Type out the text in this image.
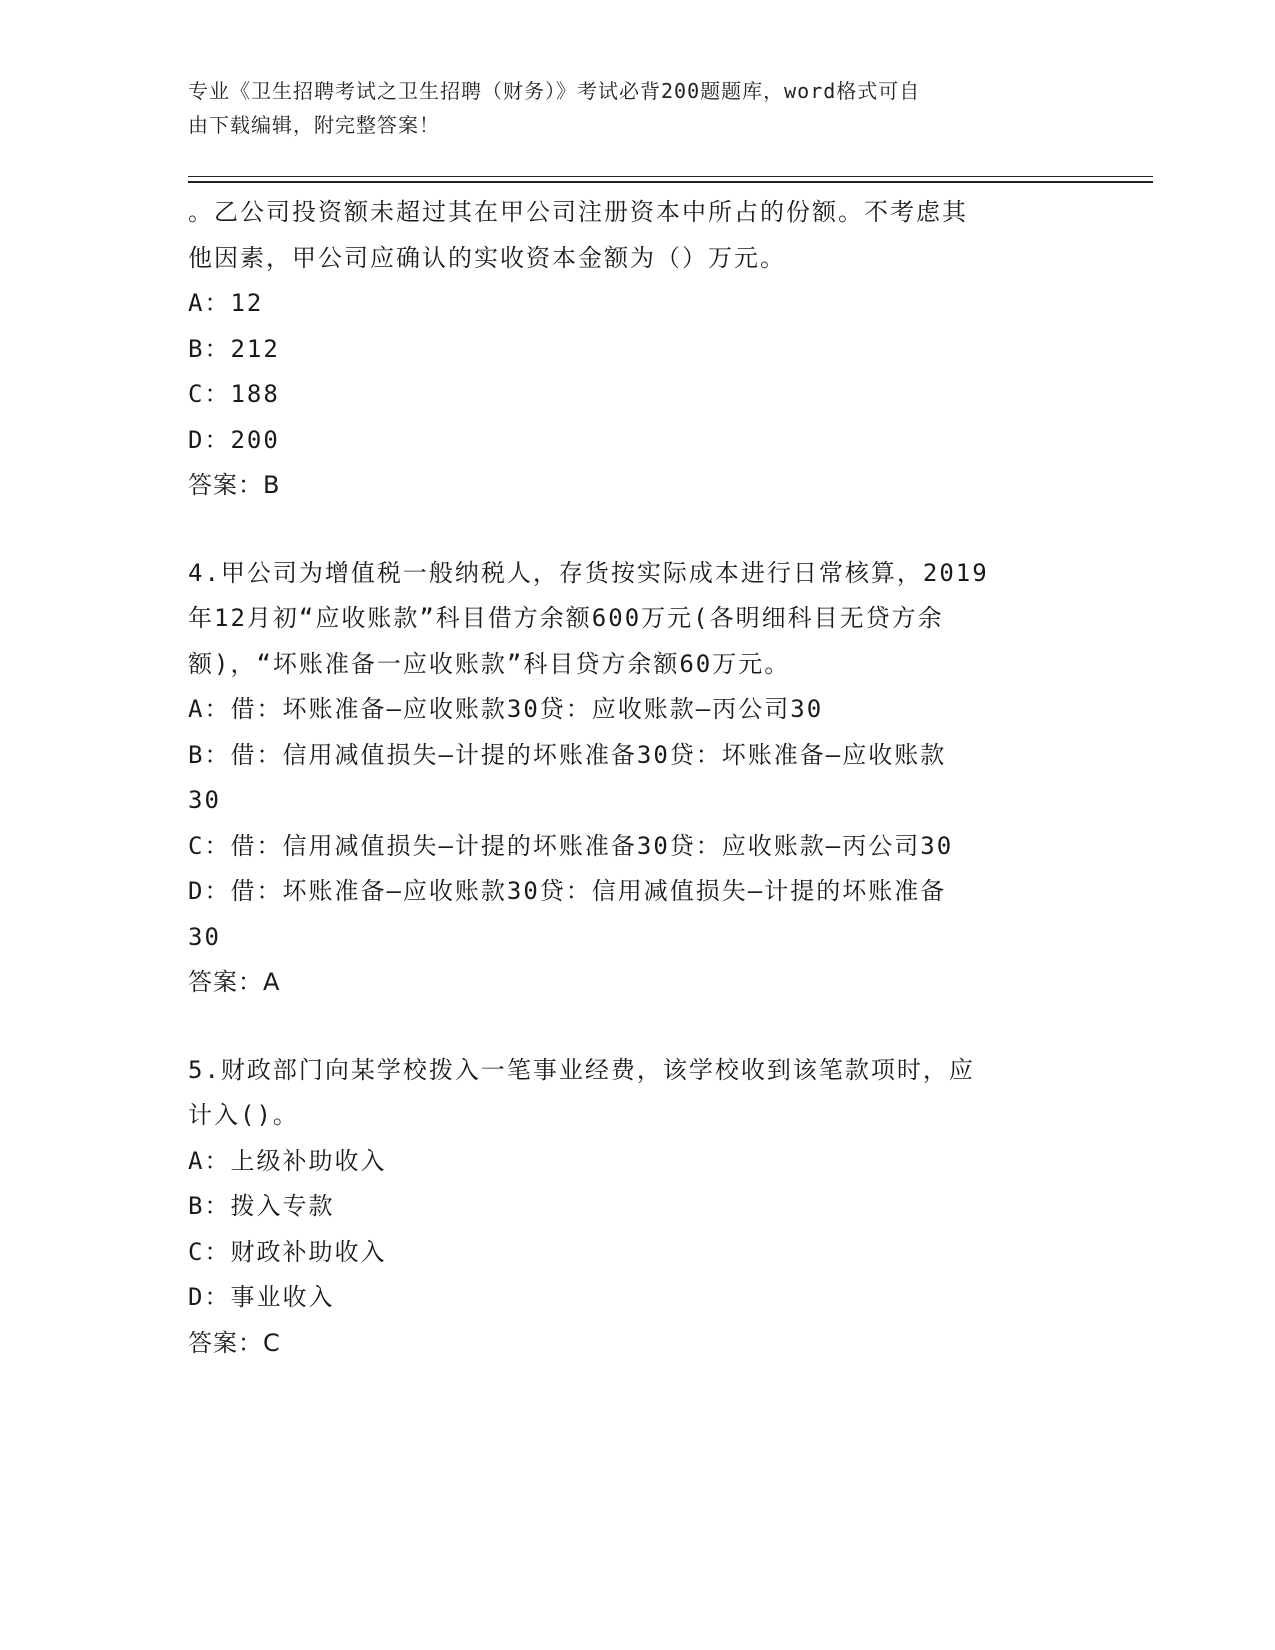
专业《卫生招聘考试之卫生招聘（财务）》考试必背200题题库，word格式可自
由下载编辑，附完整答案！
。乙公司投资额未超过其在甲公司注册资本中所占的份额。不考虑其
他因素，甲公司应确认的实收资本金额为（）万元。
A：12
B：212
C：188
D：200
答案：B
4.甲公司为增值税一般纳税人，存货按实际成本进行日常核算，2019
年12月初“应收账款”科目借方余额600万元(各明细科目无贷方余
额)，“坏账准备一应收账款”科目贷方余额60万元。
A：借：坏账准备—应收账款30贷：应收账款—丙公司30
B：借：信用减值损失—计提的坏账准备30贷：坏账准备—应收账款
30
C：借：信用减值损失—计提的坏账准备30贷：应收账款—丙公司30
D：借：坏账准备—应收账款30贷：信用减值损失—计提的坏账准备
30
答案：A
5.财政部门向某学校拨入一笔事业经费，该学校收到该笔款项时，应
计入()。
A：上级补助收入
B：拨入专款
C：财政补助收入
D：事业收入
答案：C
